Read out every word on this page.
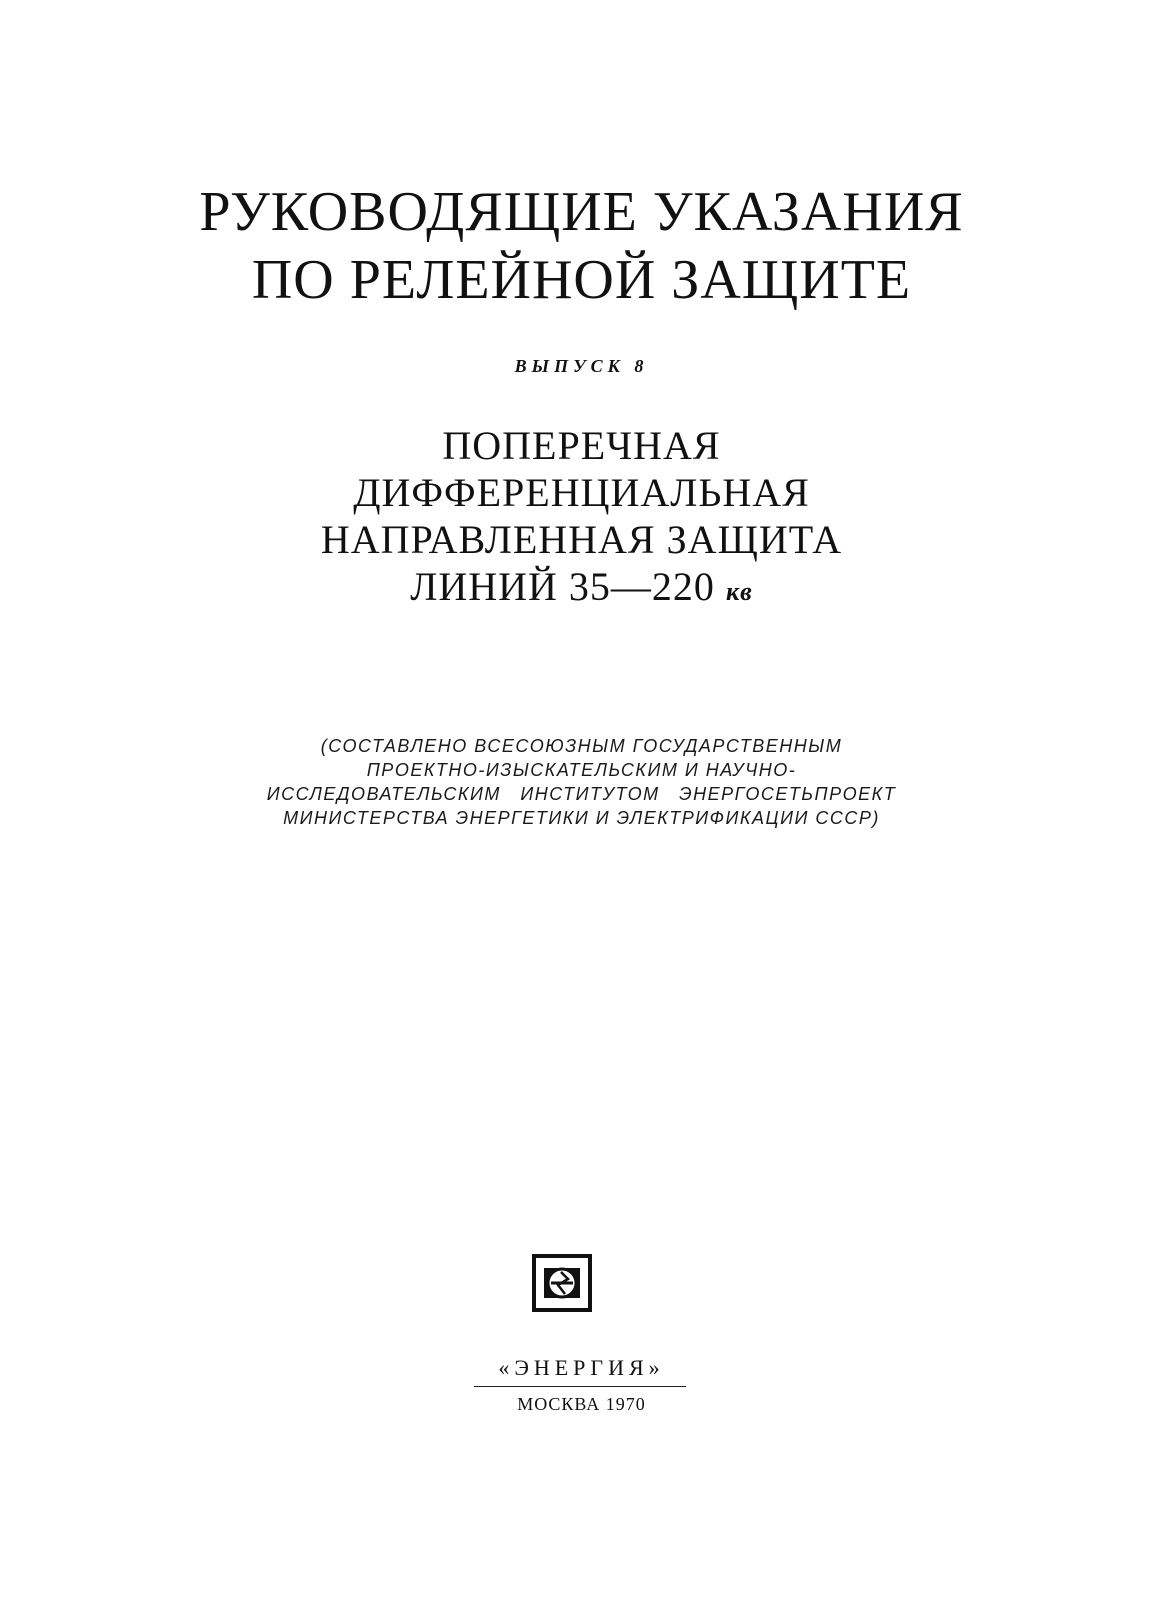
РУКОВОДЯЩИЕ УКАЗАНИЯ
ПО РЕЛЕЙНОЙ ЗАЩИТЕ
ВЫПУСК 8
ПОПЕРЕЧНАЯ
ДИФФЕРЕНЦИАЛЬНАЯ
НАПРАВЛЕННАЯ ЗАЩИТА
ЛИНИЙ 35—220 кв
(СОСТАВЛЕНО ВСЕСОЮЗНЫМ ГОСУДАРСТВЕННЫМ
ПРОЕКТНО-ИЗЫСКАТЕЛЬСКИМ И НАУЧНО-
ИССЛЕДОВАТЕЛЬСКИМ   ИНСТИТУТОМ   ЭНЕРГОСЕТЬПРОЕКТ
МИНИСТЕРСТВА ЭНЕРГЕТИКИ И ЭЛЕКТРИФИКАЦИИ СССР)
«ЭНЕРГИЯ»
МОСКВА 1970
